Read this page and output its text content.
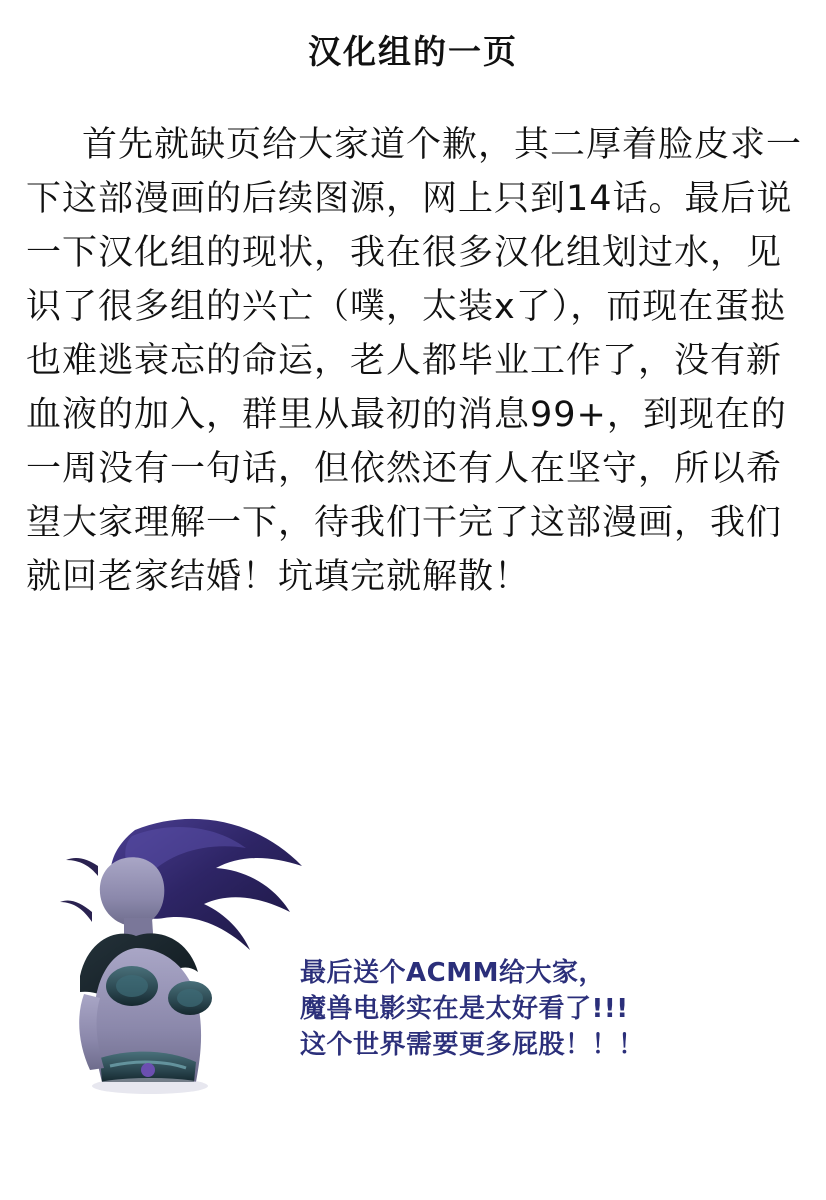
汉化组的一页
首先就缺页给大家道个歉，其二厚着脸皮求一下这部漫画的后续图源，网上只到14话。最后说一下汉化组的现状，我在很多汉化组划过水，见识了很多组的兴亡（噗，太装x了），而现在蛋挞也难逃衰忘的命运，老人都毕业工作了，没有新血液的加入，群里从最初的消息99+，到现在的一周没有一句话，但依然还有人在坚守，所以希望大家理解一下，待我们干完了这部漫画，我们就回老家结婚！坑填完就解散！
最后送个ACMM给大家，
魔兽电影实在是太好看了!!!
这个世界需要更多屁股！！！
